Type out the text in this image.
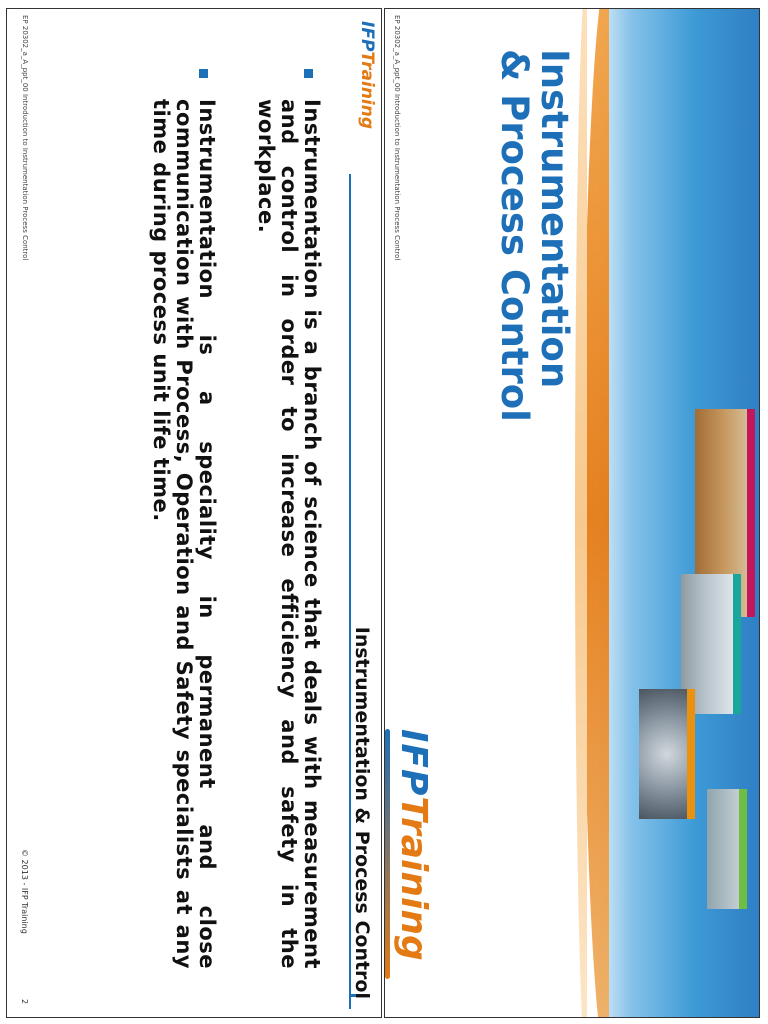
Instrumentation
& Process Control
IFPTraining
EP 20302_a_A_ppt_00 Introduction to Instrumentation Process Control
IFPTraining
Instrumentation & Process Control
Instrumentation is a branch of science that deals with measurement and control in order to increase efficiency and safety in the workplace.
Instrumentation is a speciality in permanent and close communication with Process, Operation and Safety specialists at any time during process unit life time.
EP 20302_a_A_ppt_00 Introduction to Instrumentation Process Control
© 2013 - IFP Training
2
